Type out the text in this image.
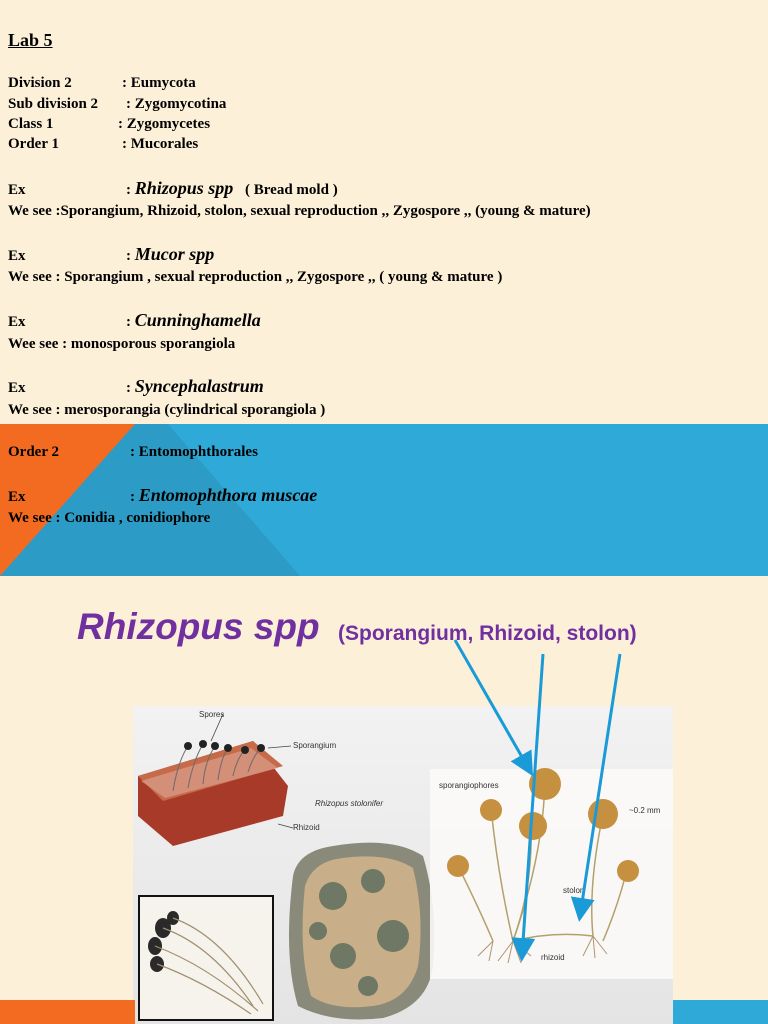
Lab 5
Division 2	: Eumycota
Sub division 2 : Zygomycotina
Class 1	: Zygomycetes
Order 1	: Mucorales
Ex	: Rhizopus spp ( Bread mold )
We see :Sporangium, Rhizoid, stolon, sexual reproduction ,, Zygospore ,, (young & mature)
Ex	: Mucor spp
We see : Sporangium , sexual reproduction ,, Zygospore ,, ( young & mature )
Ex	: Cunninghamella
Wee see : monosporous sporangiola
Ex	: Syncephalastrum
We see : merosporangia (cylindrical sporangiola )
Order 2	: Entomophthorales
Ex	: Entomophthora muscae
We see : Conidia , conidiophore
Rhizopus spp (Sporangium, Rhizoid, stolon)
Spores
Sporangium
Rhizoid
Rhizopus stolonifer
sporangiophores
stolon
rhizoid
~0.2 mm
